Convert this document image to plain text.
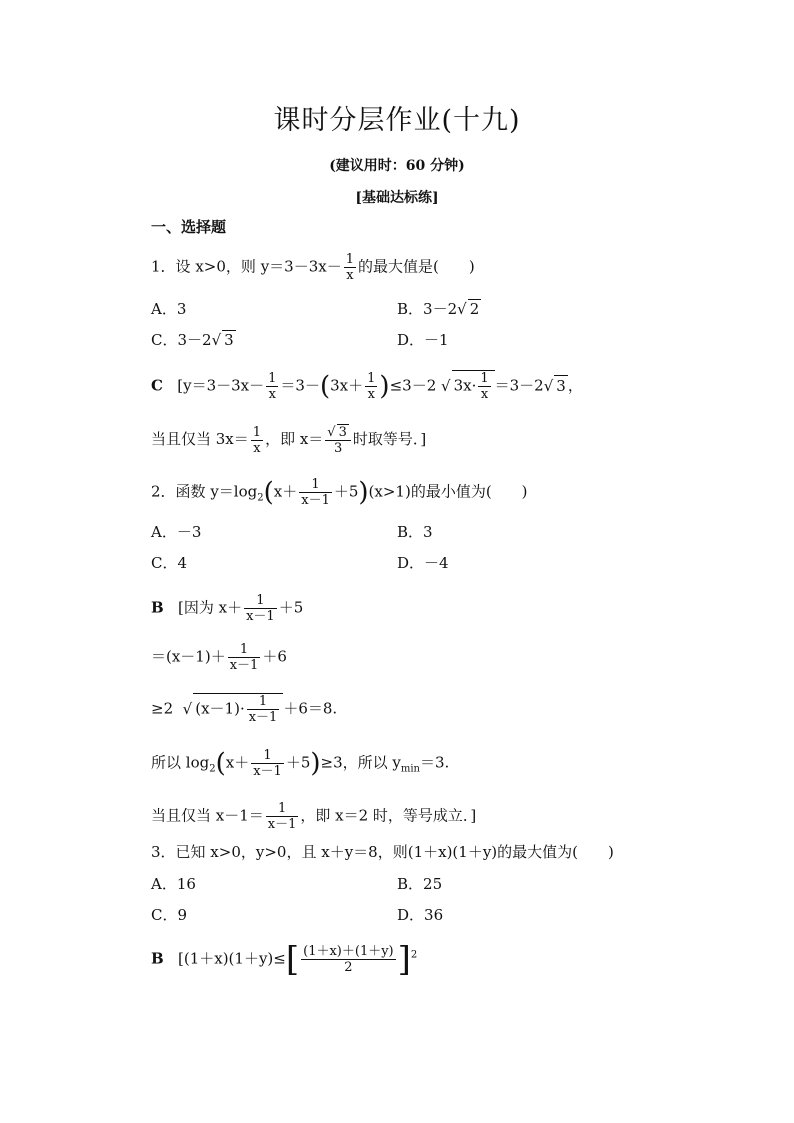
课时分层作业(十九)
(建议用时：60 分钟)
[基础达标练]
一、选择题
1．设 x>0，则 $y=3-3x- \frac{1}{x}$ 的最大值是(　　)
A．3	B．3－2√ 2
C．3－2√ 3	D．－1
C [$y=3-3x- \frac{1}{x} =3-(3x+ \frac{1}{x} )\le 3-2$ √ $3x\cdot \frac{1}{x} =3-2√$ 3 ，
当且仅当 $3x= \frac{1}{x}$ ，即 x＝
√ $\frac{3}{3}$ 时取等号．]
2．函数 $y=\log_2(x+ \frac{1}{x-1} +5)(x>1)$的最小值为(　　)
A．－3	B．3
C．4	D．－4
B [因为 $x+ \frac{1}{x-1} +5$
$=(x-1)+ \frac{1}{x-1} +6$
≥2  √ $(x-1)\cdot \frac{1}{x-1} +6=8$.
所以 $\log_2(x+ \frac{1}{x-1} +5)\ge 3$，所以 $y_{min}=3$.
当且仅当 $x-1= \frac{1}{x-1}$ ，即 x＝2 时，等号成立．]
3．已知 x>0，y>0，且 x＋y＝8，则(1＋x)(1＋y)的最大值为(　　)
A．16	B．25
C．9	D．36
B [$(1+x)(1+y)\le[ \frac{(1+x)+(1+y)}{2} ]^2$
